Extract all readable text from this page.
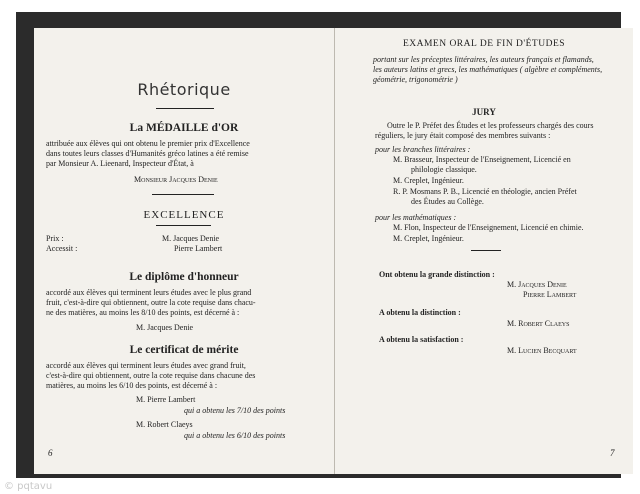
Rhétorique
La MÉDAILLE d'OR
attribuée aux élèves qui ont obtenu le premier prix d'Excellence
dans toutes leurs classes d'Humanités gréco latines a été remise
par Monsieur A. Lieenard, Inspecteur d'État, à
Monsieur Jacques Denie
EXCELLENCE
Prix :	M. Jacques Denie
Accessit :	Pierre Lambert
Le diplôme d'honneur
accordé aux élèves qui terminent leurs études avec le plus grand
fruit, c'est-à-dire qui obtiennent, outre la cote requise dans chacu-
ne des matières, au moins les 8/10 des points, est décerné à :
M. Jacques Denie
Le certificat de mérite
accordé aux élèves qui terminent leurs études avec grand fruit,
c'est-à-dire qui obtiennent, outre la cote requise dans chacune des
matières, au moins les 6/10 des points, est décerné à :
M. Pierre Lambert
qui a obtenu les 7/10 des points
M. Robert Claeys
qui a obtenu les 6/10 des points
6
EXAMEN ORAL DE FIN D'ÉTUDES
portant sur les préceptes littéraires, les auteurs français et flamands,
les auteurs latins et grecs, les mathématiques ( algèbre et compléments,
géométrie, trigonométrie )
JURY
Outre le P. Préfet des Études et les professeurs chargés des cours
réguliers, le jury était composé des membres suivants :
pour les branches littéraires :
M. Brasseur, Inspecteur de l'Enseignement, Licencié en
philologie classique.
M. Creplet, Ingénieur.
R. P. Mosmans P. B., Licencié en théologie, ancien Préfet
des Études au Collège.
pour les mathématiques :
M. Flon, Inspecteur de l'Enseignement, Licencié en chimie.
M. Creplet, Ingénieur.
Ont obtenu la grande distinction :
M. Jacques Denie
Pierre Lambert
A obtenu la distinction :
M. Robert Claeys
A obtenu la satisfaction :
M. Lucien Becquart
7
© pqtavu
